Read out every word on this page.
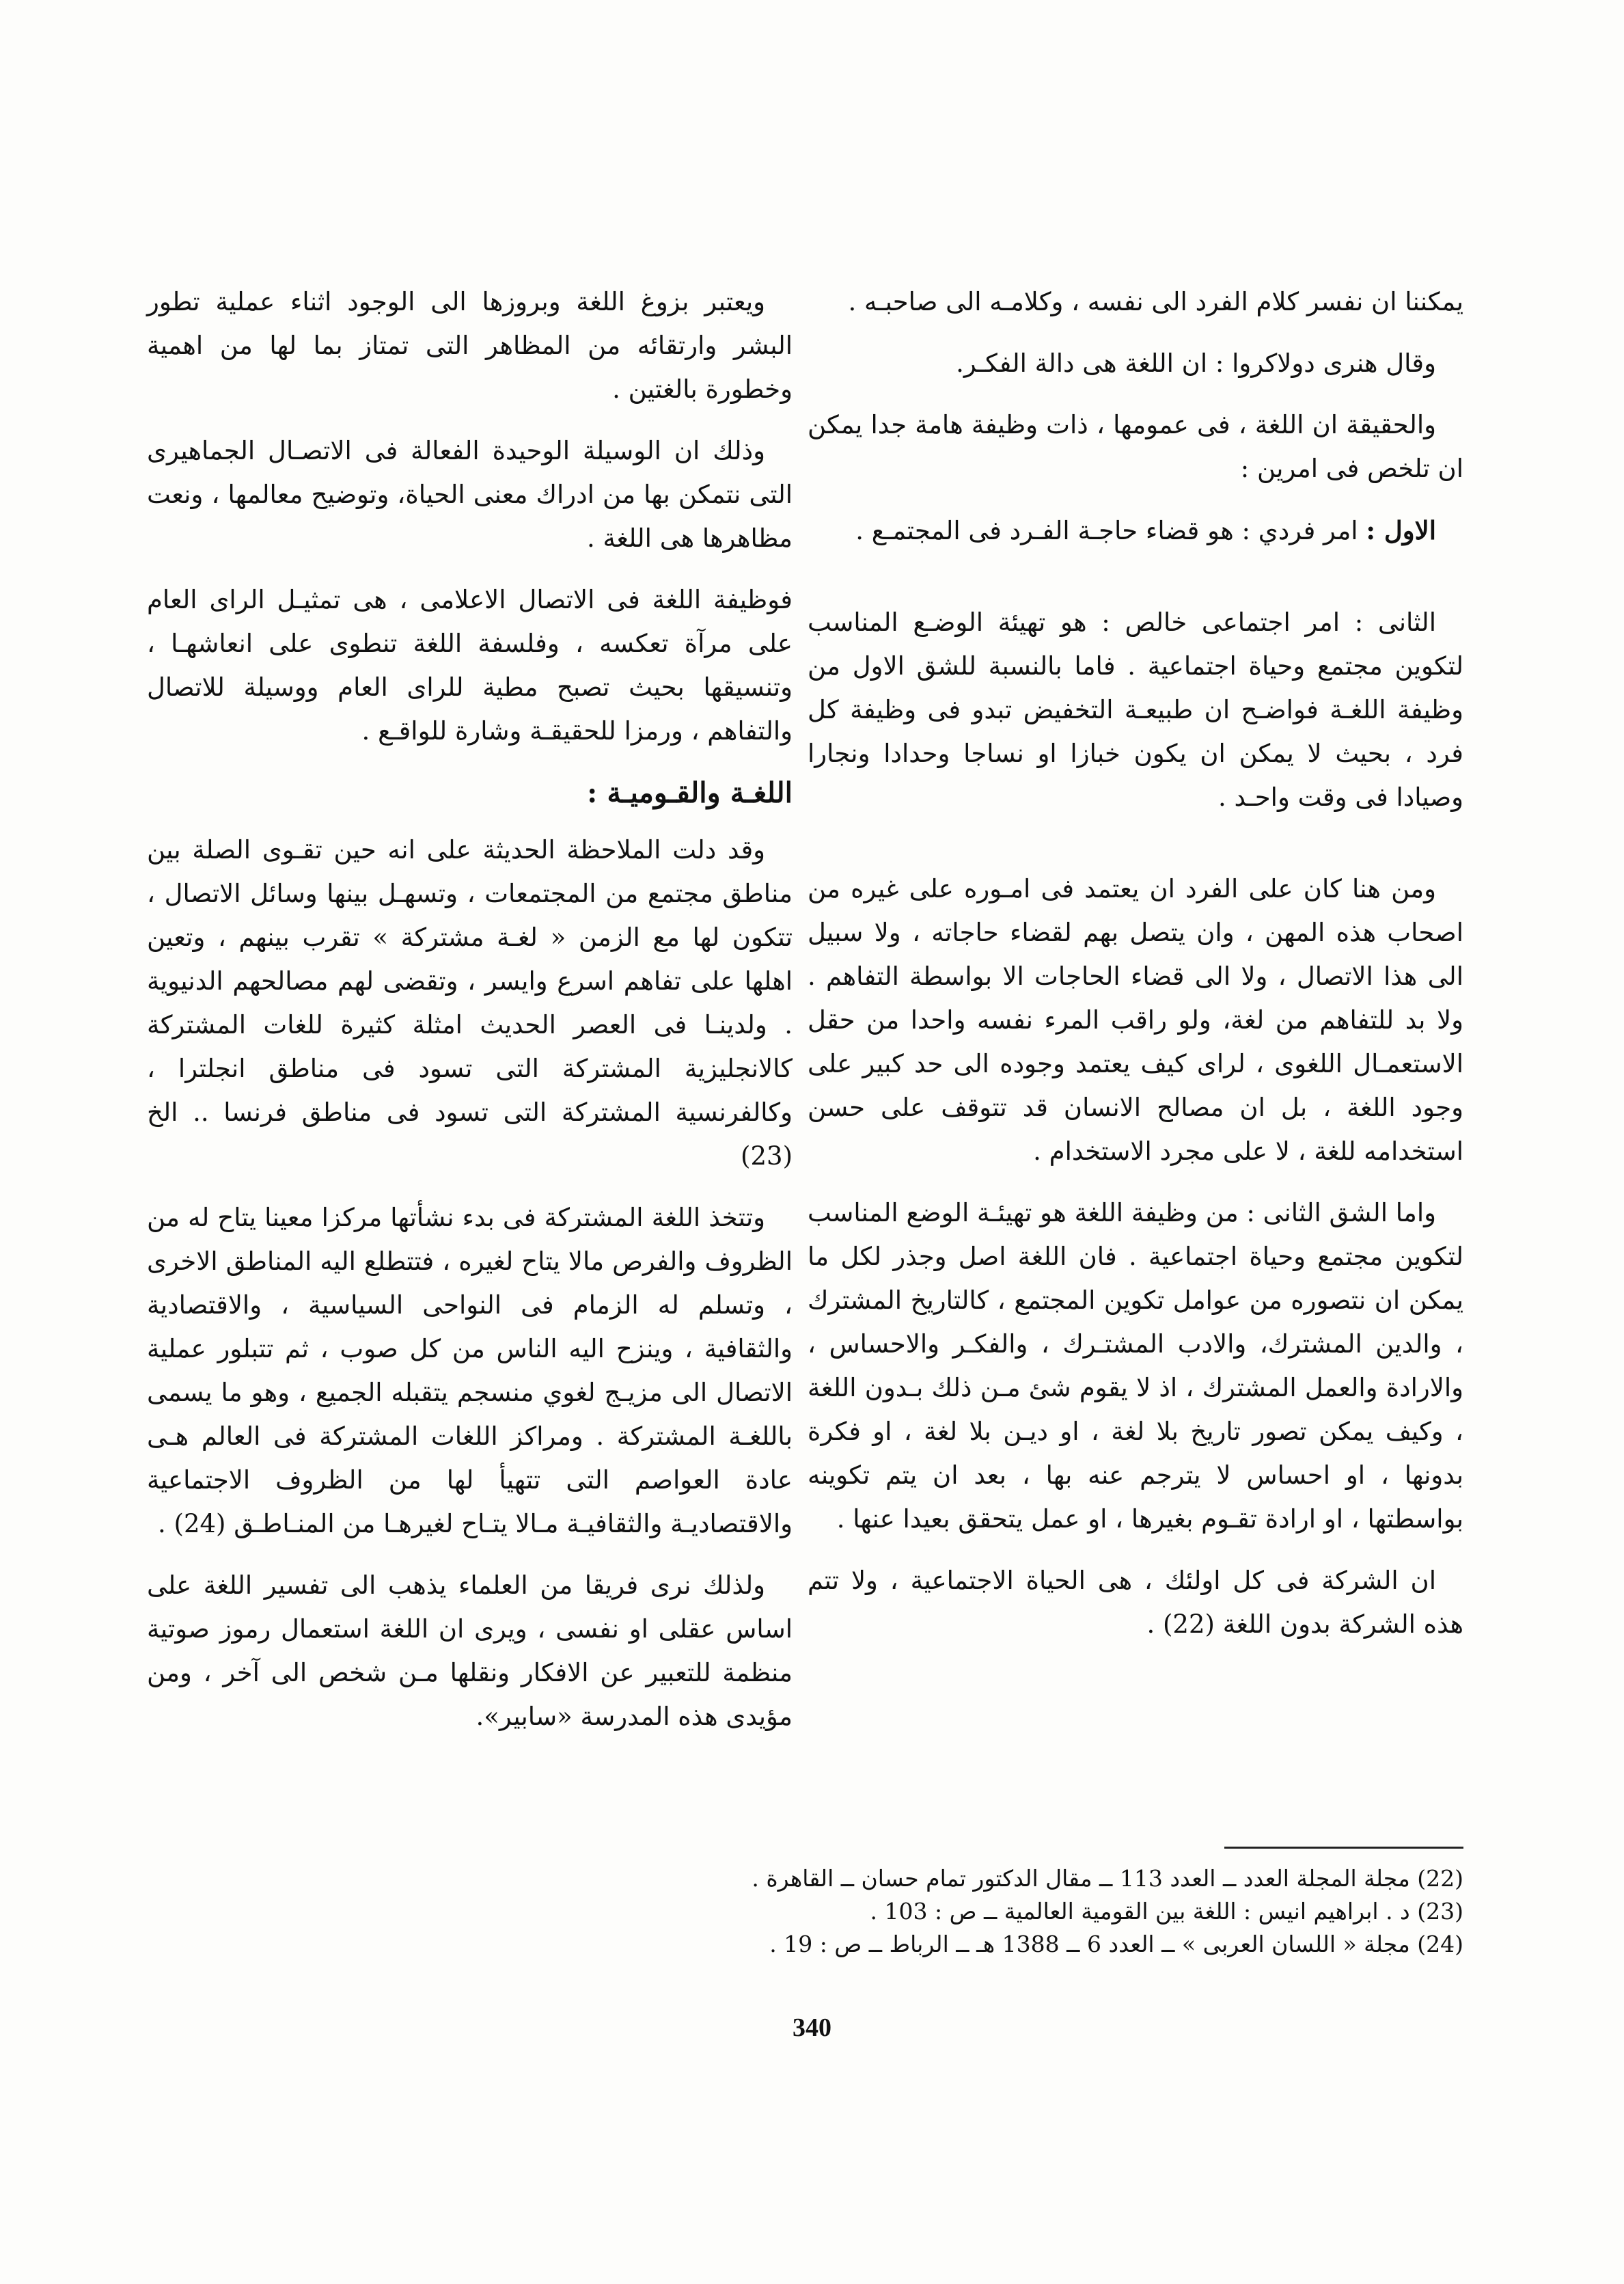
يمكننا ان نفسر كلام الفرد الى نفسه ، وكلامـه الى صاحبـه .

وقال هنرى دولاكروا : ان اللغة هى دالة الفكـر.

والحقيقة ان اللغة ، فى عمومها ، ذات وظيفة هامة جدا يمكن ان تلخص فى امرين :

الاول : امر فردي : هو قضاء حاجـة الفـرد فى المجتمـع .

الثانى : امر اجتماعى خالص : هو تهيئة الوضـع المناسب لتكوين مجتمع وحياة اجتماعية . فاما بالنسبة للشق الاول من وظيفة اللغـة فواضـح ان طبيعـة التخفيض تبدو فى وظيفة كل فرد ، بحيث لا يمكن ان يكون خبازا او نساجا وحدادا ونجارا وصيادا فى وقت واحـد .

ومن هنا كان على الفرد ان يعتمد فى امـوره على غيره من اصحاب هذه المهن ، وان يتصل بهم لقضاء حاجاته ، ولا سبيل الى هذا الاتصال ، ولا الى قضاء الحاجات الا بواسطة التفاهم . ولا بد للتفاهم من لغة، ولو راقب المرء نفسه واحدا من حقل الاستعمـال اللغوى ، لراى كيف يعتمد وجوده الى حد كبير على وجود اللغة ، بل ان مصالح الانسان قد تتوقف على حسن استخدامه للغة ، لا على مجرد الاستخدام .

واما الشق الثانى : من وظيفة اللغة هو تهيئـة الوضع المناسب لتكوين مجتمع وحياة اجتماعية . فان اللغة اصل وجذر لكل ما يمكن ان نتصوره من عوامل تكوين المجتمع ، كالتاريخ المشترك ، والدين المشترك، والادب المشتـرك ، والفكـر والاحساس ، والارادة والعمل المشترك ، اذ لا يقوم شئ مـن ذلك بـدون اللغة ، وكيف يمكن تصور تاريخ بلا لغة ، او ديـن بلا لغة ، او فكرة بدونها ، او احساس لا يترجم عنه بها ، بعد ان يتم تكوينه بواسطتها ، او ارادة تقـوم بغيرها ، او عمل يتحقق بعيدا عنها .

ان الشركة فى كل اولئك ، هى الحياة الاجتماعية ، ولا تتم هذه الشركة بدون اللغة (22) .

ويعتبر بزوغ اللغة وبروزها الى الوجود اثناء عملية تطور البشر وارتقائه من المظاهر التى تمتاز بما لها من اهمية وخطورة بالغتين .

وذلك ان الوسيلة الوحيدة الفعالة فى الاتصـال الجماهيرى التى نتمكن بها من ادراك معنى الحياة، وتوضيح معالمها ، ونعت مظاهرها هى اللغة .

فوظيفة اللغة فى الاتصال الاعلامى ، هى تمثيـل الراى العام على مرآة تعكسه ، وفلسفة اللغة تنطوى على انعاشهـا ، وتنسيقها بحيث تصبح مطية للراى العام ووسيلة للاتصال والتفاهم ، ورمزا للحقيقـة وشارة للواقـع .

اللغـة والقـوميـة :

وقد دلت الملاحظة الحديثة على انه حين تقـوى الصلة بين مناطق مجتمع من المجتمعات ، وتسهـل بينها وسائل الاتصال ، تتكون لها مع الزمن « لغـة مشتركة » تقرب بينهم ، وتعين اهلها على تفاهم اسرع وايسر ، وتقضى لهم مصالحهم الدنيوية . ولدينـا فى العصر الحديث امثلة كثيرة للغات المشتركة كالانجليزية المشتركة التى تسود فى مناطق انجلترا ، وكالفرنسية المشتركة التى تسود فى مناطق فرنسا .. الخ (23)

وتتخذ اللغة المشتركة فى بدء نشأتها مركزا معينا يتاح له من الظروف والفرص مالا يتاح لغيره ، فتتطلع اليه المناطق الاخرى ، وتسلم له الزمام فى النواحى السياسية ، والاقتصادية والثقافية ، وينزح اليه الناس من كل صوب ، ثم تتبلور عملية الاتصال الى مزيـج لغوي منسجم يتقبله الجميع ، وهو ما يسمى باللغـة المشتركة . ومراكز اللغات المشتركة فى العالم هـى عادة العواصم التى تتهيأ لها من الظروف الاجتماعية والاقتصاديـة والثقافيـة مـالا يتـاح لغيرهـا من المنـاطـق (24) .

ولذلك نرى فريقا من العلماء يذهب الى تفسير اللغة على اساس عقلى او نفسى ، ويرى ان اللغة استعمال رموز صوتية منظمة للتعبير عن الافكار ونقلها مـن شخص الى آخر ، ومن مؤيدى هذه المدرسة «سابير».

(22) مجلة المجلة العدد ــ العدد 113 ــ مقال الدكتور تمام حسان ــ القاهرة .
(23) د . ابراهيم انيس : اللغة بين القومية العالمية ــ ص : 103 .
(24) مجلة « اللسان العربى » ــ العدد 6 ــ 1388 هـ ــ الرباط ــ ص : 19 .
340
